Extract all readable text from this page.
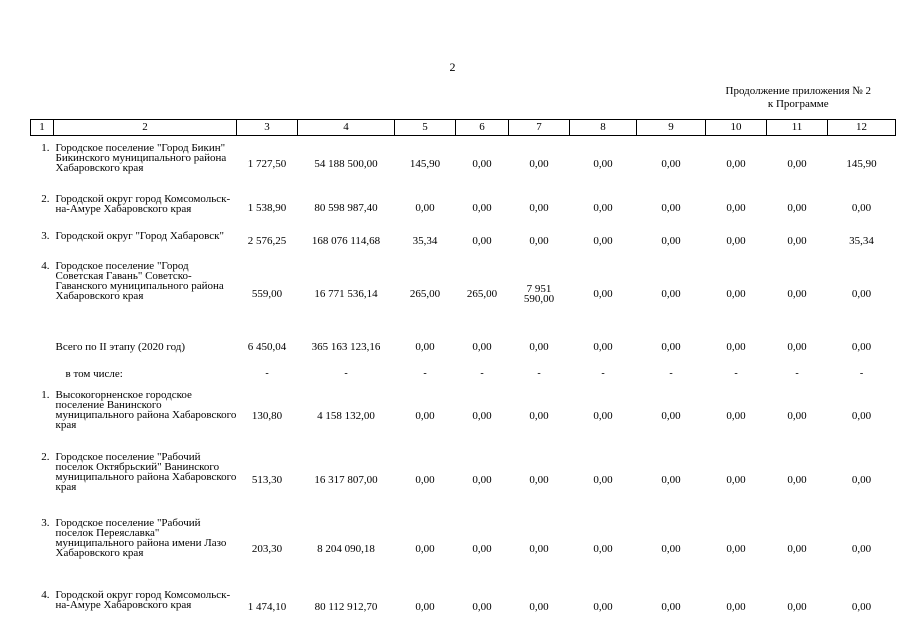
2
Продолжение приложения № 2
к Программе
1	2	3	4	5	6	7	8	9	10	11	12

1.	Городское поселение "Город Бикин" Бикинского муниципального района Хабаровского края	1 727,50	54 188 500,00	145,90	0,00	0,00	0,00	0,00	0,00	0,00	145,90

2.	Городской округ город Комсомольск-на-Амуре Хабаровского края	1 538,90	80 598 987,40	0,00	0,00	0,00	0,00	0,00	0,00	0,00	0,00

3.	Городской округ "Город Хабаровск"	2 576,25	168 076 114,68	35,34	0,00	0,00	0,00	0,00	0,00	0,00	35,34

4.	Городское поселение "Город Советская Гавань" Советско-Гаванского муниципального района Хабаровского края	559,00	16 771 536,14	265,00	265,00	7 951 590,00	0,00	0,00	0,00	0,00	0,00

	Всего по II этапу (2020 год)	6 450,04	365 163 123,16	0,00	0,00	0,00	0,00	0,00	0,00	0,00	0,00

	в том числе:	-	-	-	-	-	-	-	-	-	-

1.	Высокогорненское городское поселение Ванинского муниципального района Хабаровского края	130,80	4 158 132,00	0,00	0,00	0,00	0,00	0,00	0,00	0,00	0,00

2.	Городское поселение "Рабочий поселок Октябрьский" Ванинского муниципального района Хабаровского края	513,30	16 317 807,00	0,00	0,00	0,00	0,00	0,00	0,00	0,00	0,00

3.	Городское поселение "Рабочий поселок Переяславка" муниципального района имени Лазо Хабаровского края	203,30	8 204 090,18	0,00	0,00	0,00	0,00	0,00	0,00	0,00	0,00

4.	Городской округ город Комсомольск-на-Амуре Хабаровского края	1 474,10	80 112 912,70	0,00	0,00	0,00	0,00	0,00	0,00	0,00	0,00
